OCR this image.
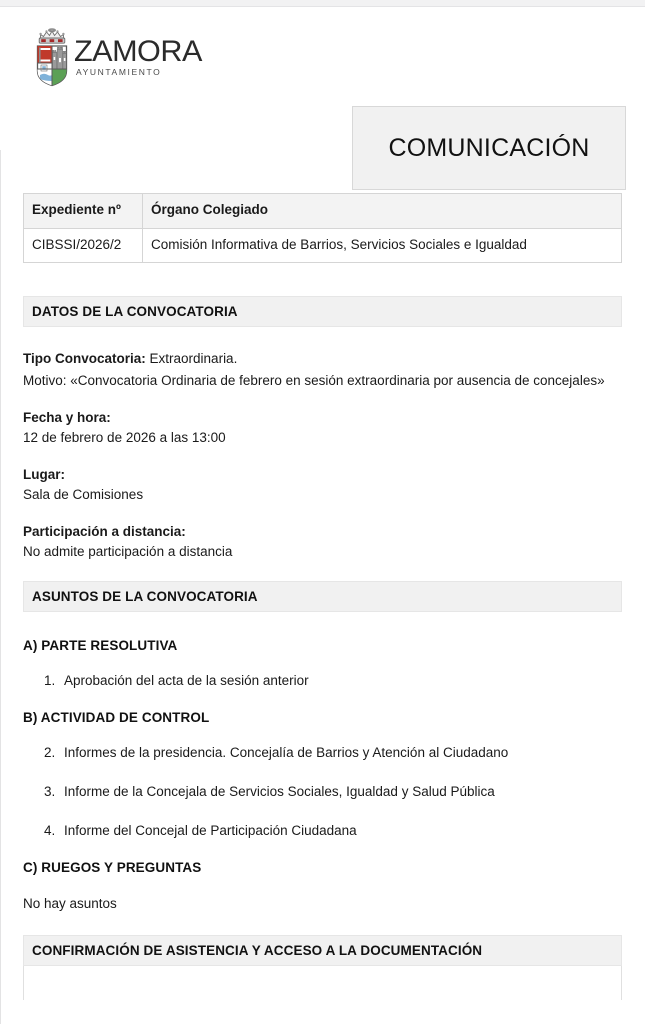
ZAMORA
AYUNTAMIENTO
COMUNICACIÓN
Expediente nº	Órgano Colegiado
CIBSSI/2026/2	Comisión Informativa de Barrios, Servicios Sociales e Igualdad
DATOS DE LA CONVOCATORIA
Tipo Convocatoria: Extraordinaria.
Motivo: «Convocatoria Ordinaria de febrero en sesión extraordinaria por ausencia de concejales»
Fecha y hora:
12 de febrero de 2026 a las 13:00
Lugar:
Sala de Comisiones
Participación a distancia:
No admite participación a distancia
ASUNTOS DE LA CONVOCATORIA
A) PARTE RESOLUTIVA
1. Aprobación del acta de la sesión anterior
B) ACTIVIDAD DE CONTROL
2. Informes de la presidencia. Concejalía de Barrios y Atención al Ciudadano
3. Informe de la Concejala de Servicios Sociales, Igualdad y Salud Pública
4. Informe del Concejal de Participación Ciudadana
C) RUEGOS Y PREGUNTAS
No hay asuntos
CONFIRMACIÓN DE ASISTENCIA Y ACCESO A LA DOCUMENTACIÓN
